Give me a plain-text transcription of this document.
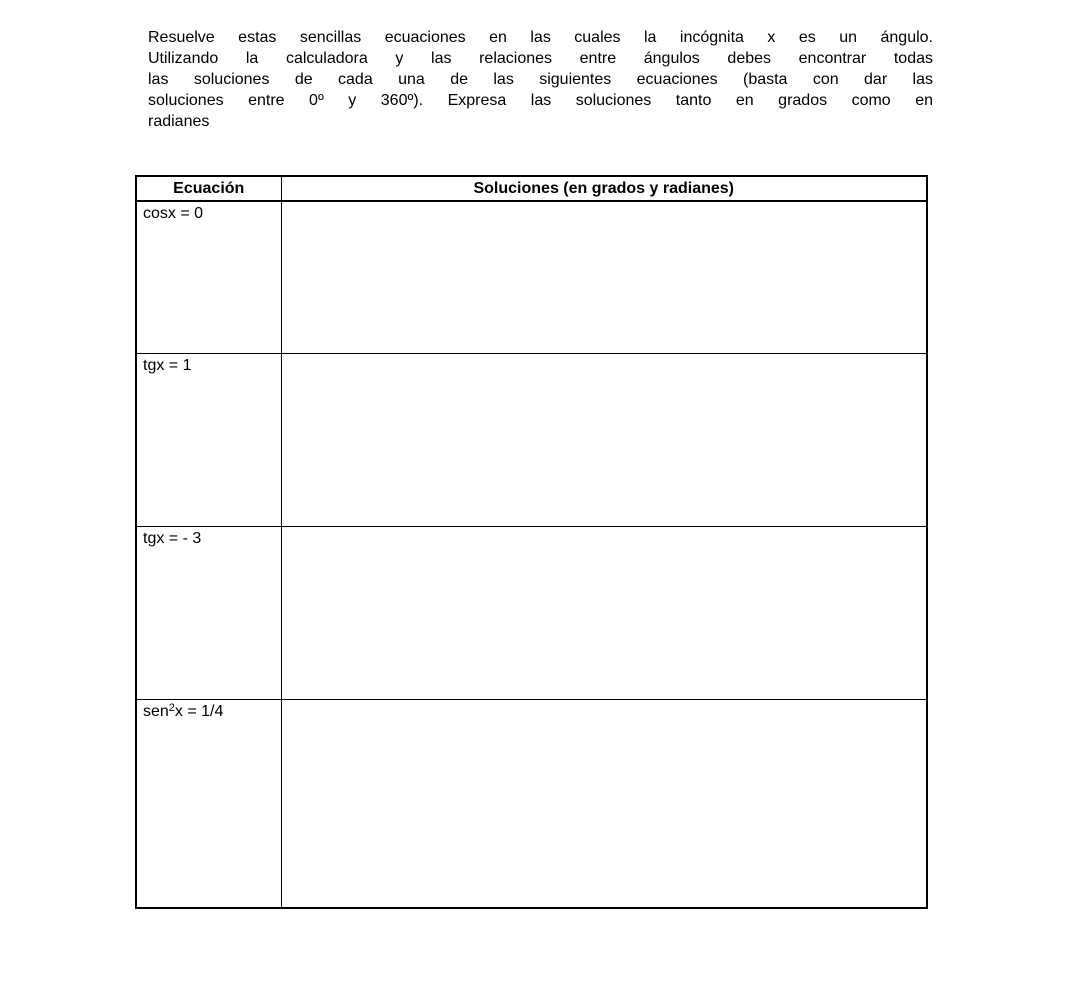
Resuelve estas sencillas ecuaciones en las cuales la incógnita x es un ángulo.
Utilizando la calculadora y las relaciones entre ángulos debes encontrar todas
las soluciones de cada una de las siguientes ecuaciones (basta con dar las
soluciones entre 0º y 360º). Expresa las soluciones tanto en grados como en
radianes
Ecuación	Soluciones (en grados y radianes)
cosx = 0	
tgx = 1	
tgx = - 3	
sen$^2$x = 1/4	
